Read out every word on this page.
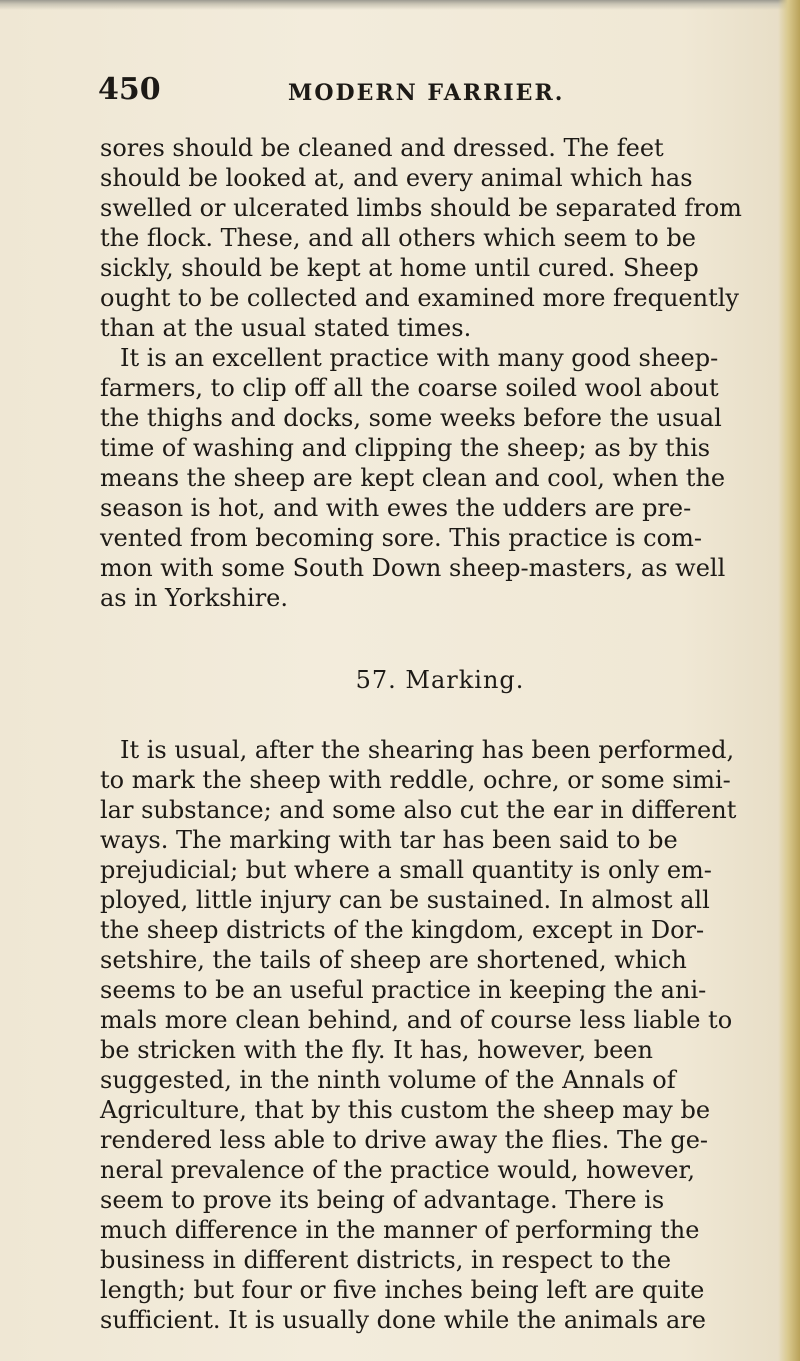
450	MODERN FARRIER.
sores should be cleaned and dressed. The feet
should be looked at, and every animal which has
swelled or ulcerated limbs should be separated from
the flock. These, and all others which seem to be
sickly, should be kept at home until cured. Sheep
ought to be collected and examined more frequently
than at the usual stated times.
It is an excellent practice with many good sheep-
farmers, to clip off all the coarse soiled wool about
the thighs and docks, some weeks before the usual
time of washing and clipping the sheep; as by this
means the sheep are kept clean and cool, when the
season is hot, and with ewes the udders are pre-
vented from becoming sore. This practice is com-
mon with some South Down sheep-masters, as well
as in Yorkshire.
57. Marking.
It is usual, after the shearing has been performed,
to mark the sheep with reddle, ochre, or some simi-
lar substance; and some also cut the ear in different
ways. The marking with tar has been said to be
prejudicial; but where a small quantity is only em-
ployed, little injury can be sustained. In almost all
the sheep districts of the kingdom, except in Dor-
setshire, the tails of sheep are shortened, which
seems to be an useful practice in keeping the ani-
mals more clean behind, and of course less liable to
be stricken with the fly. It has, however, been
suggested, in the ninth volume of the Annals of
Agriculture, that by this custom the sheep may be
rendered less able to drive away the flies. The ge-
neral prevalence of the practice would, however,
seem to prove its being of advantage. There is
much difference in the manner of performing the
business in different districts, in respect to the
length; but four or five inches being left are quite
sufficient. It is usually done while the animals are
